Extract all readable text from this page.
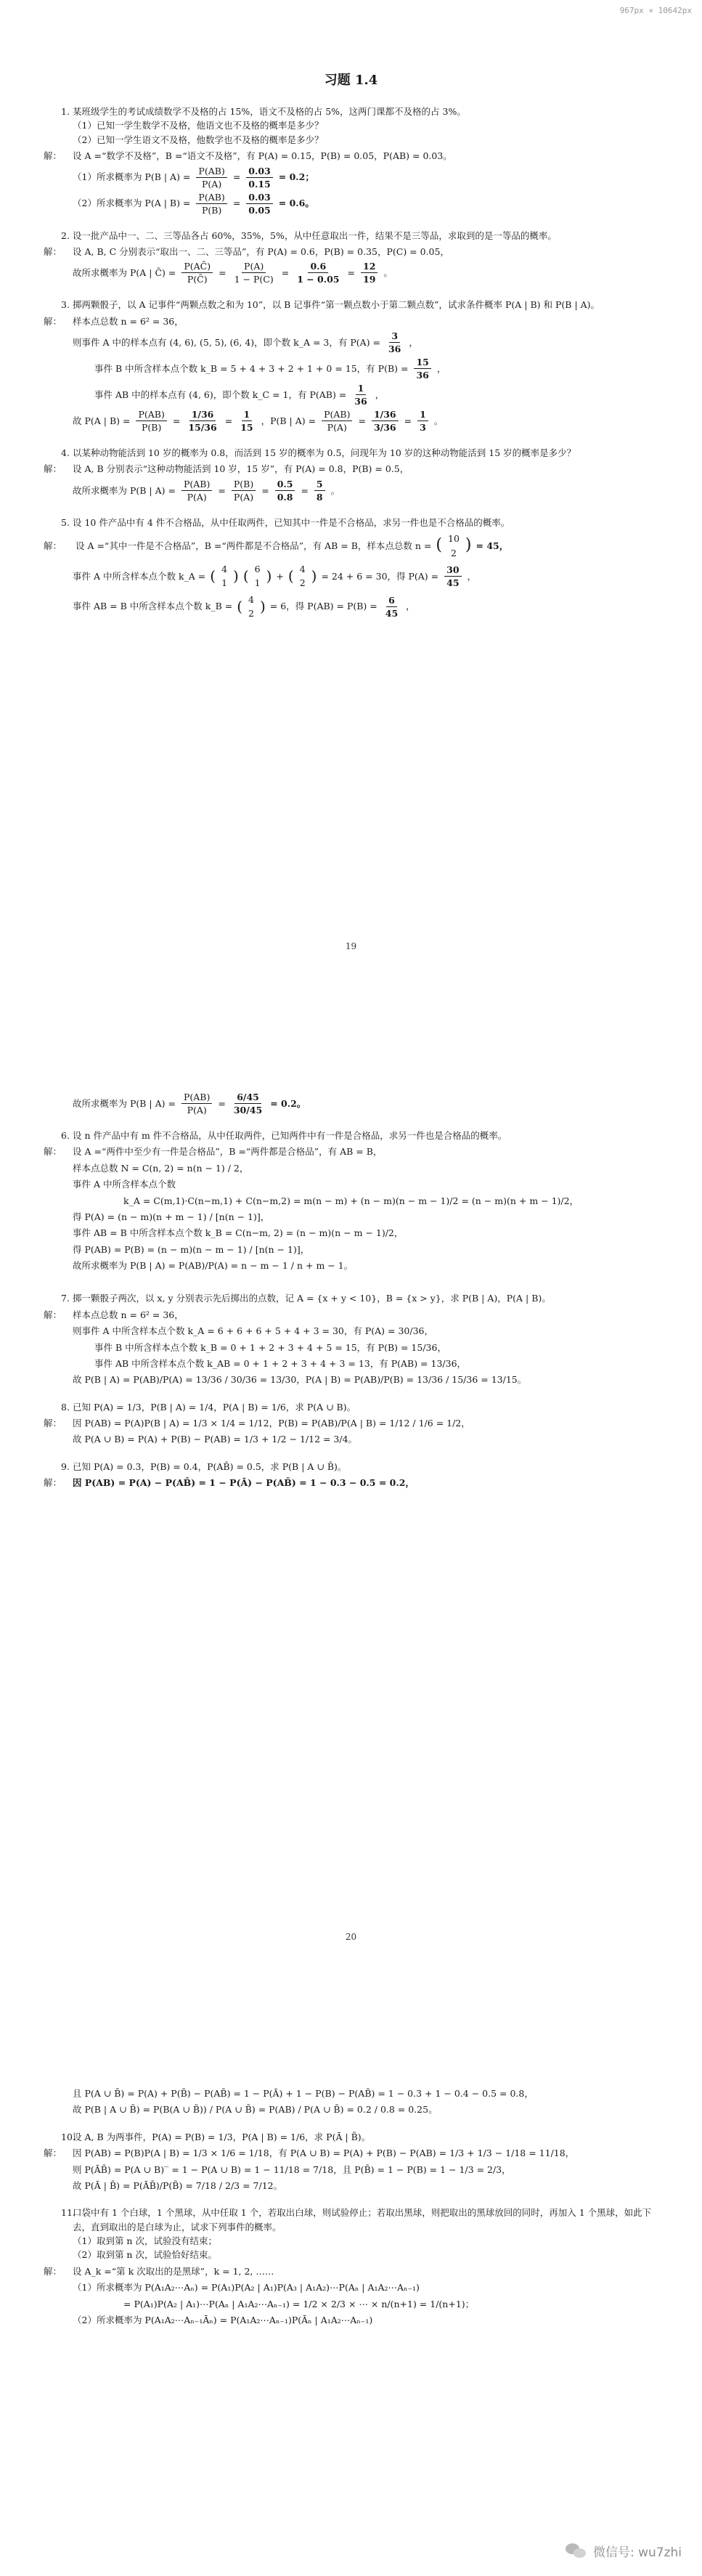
967px × 10642px
习题 1.4
1. 某班级学生的考试成绩数学不及格的占 15%，语文不及格的占 5%，这两门课都不及格的占 3%。
（1）已知一学生数学不及格，他语文也不及格的概率是多少？
（2）已知一学生语文不及格，他数学也不及格的概率是多少？
解： 设 A =“数学不及格”，B =“语文不及格”，有 P(A) = 0.15，P(B) = 0.05，P(AB) = 0.03。
（1）所求概率为 P(B | $A) = \frac{P(AB)}{P(A)} = \frac{0.03}{0.15} = 0.2$；
（2）所求概率为 P(A | $B) = \frac{P(AB)}{P(B)} = \frac{0.03}{0.05} = 0.6$。
2. 设一批产品中一、二、三等品各占 60%，35%，5%，从中任意取出一件，结果不是三等品，求取到的是一等品的概率。
解： 设 A, B, C 分别表示“取出一、二、三等品”，有 P(A) = 0.6，P(B) = 0.35，P(C) = 0.05，
故所求概率为 P(A | C̄) = $\frac{P(AC̄)}{P(C̄)} = \frac{P(A)}{1 - P(C)} = \frac{0.6}{1 - 0.05} = \frac{12}{19}$ 。
3. 掷两颗骰子，以 A 记事件“两颗点数之和为 10”，以 B 记事件“第一颗点数小于第二颗点数”，试求条件概率 P(A | B) 和 P(B | A)。
解： 样本点总数 n = 6² = 36，
则事件 A 中的样本点有 (4, 6), (5, 5), (6, 4)，即个数 k_A = 3，有 $P(A) = \frac{3}{36}$ ，
事件 B 中所含样本点个数 k_B = 5 + 4 + 3 + 2 + 1 + 0 = 15，有 $P(B) = \frac{15}{36}$ ，
事件 AB 中的样本点有 (4, 6)，即个数 k_C = 1，有 $P(AB) = \frac{1}{36}$ ，
故 P(A | $B) = \frac{P(AB)}{P(B)} = \frac{1/36}{15/36} = \frac{1}{15}$ ，P(B | $A) = \frac{P(AB)}{P(A)} = \frac{1/36}{3/36} = \frac{1}{3}$ 。
4. 以某种动物能活到 10 岁的概率为 0.8，而活到 15 岁的概率为 0.5，问现年为 10 岁的这种动物能活到 15 岁的概率是多少？
解： 设 A, B 分别表示“这种动物能活到 10 岁，15 岁”，有 P(A) = 0.8，P(B) = 0.5，
故所求概率为 P(B | $A) = \frac{P(AB)}{P(A)} = \frac{P(B)}{P(A)} = \frac{0.5}{0.8} = \frac{5}{8}$ 。
5. 设 10 件产品中有 4 件不合格品，从中任取两件，已知其中一件是不合格品，求另一件也是不合格品的概率。
解： 设 A =“其中一件是不合格品”，B =“两件都是不合格品”，有 AB = B，样本点总数 n = ( 10
2 ) = 45，
事件 A 中所含样本点个数 k_A = ( 4
1 ) ( 6
1 ) + ( 4
2 ) = 24 + 6 = 30，得 $P(A) = \frac{30}{45}$ ，
事件 AB = B 中所含样本点个数 k_B = ( 4
2 ) = 6，得 $P(AB) = P(B) = \frac{6}{45}$ ，
19
故所求概率为 P(B | $A) = \frac{P(AB)}{P(A)} = \frac{6/45}{30/45} = 0.2$。
6. 设 n 件产品中有 m 件不合格品，从中任取两件，已知两件中有一件是合格品，求另一件也是合格品的概率。
解： 设 A =“两件中至少有一件是合格品”，B =“两件都是合格品”，有 AB = B，
样本点总数 N = C(n, 2) = n(n − 1) / 2，
事件 A 中所含样本点个数
k_A = C(m,1)·C(n−m,1) + C(n−m,2) = m(n − m) + (n − m)(n − m − 1)/2 = (n − m)(n + m − 1)/2，
得 P(A) = (n − m)(n + m − 1) / [n(n − 1)]，
事件 AB = B 中所含样本点个数 k_B = C(n−m, 2) = (n − m)(n − m − 1)/2，
得 P(AB) = P(B) = (n − m)(n − m − 1) / [n(n − 1)]，
故所求概率为 P(B | A) = P(AB)/P(A) = n − m − 1 / n + m − 1。
7. 掷一颗骰子两次，以 x, y 分别表示先后掷出的点数，记 A = {x + y < 10}，B = {x > y}，求 P(B | A)，P(A | B)。
解： 样本点总数 n = 6² = 36，
则事件 A 中所含样本点个数 k_A = 6 + 6 + 6 + 5 + 4 + 3 = 30，有 P(A) = 30/36，
事件 B 中所含样本点个数 k_B = 0 + 1 + 2 + 3 + 4 + 5 = 15，有 P(B) = 15/36，
事件 AB 中所含样本点个数 k_AB = 0 + 1 + 2 + 3 + 4 + 3 = 13，有 P(AB) = 13/36，
故 P(B | A) = P(AB)/P(A) = 13/36 / 30/36 = 13/30，P(A | B) = P(AB)/P(B) = 13/36 / 15/36 = 13/15。
8. 已知 P(A) = 1/3，P(B | A) = 1/4，P(A | B) = 1/6，求 P(A ∪ B)。
解： 因 P(AB) = P(A)P(B | A) = 1/3 × 1/4 = 1/12，P(B) = P(AB)/P(A | B) = 1/12 / 1/6 = 1/2，
故 P(A ∪ B) = P(A) + P(B) − P(AB) = 1/3 + 1/2 − 1/12 = 3/4。
9. 已知 P(A) = 0.3，P(B) = 0.4，P(AB̄) = 0.5，求 P(B | A ∪ B̄)。
解： 因 P(AB) = P(A) − P(AB̄) = 1 − P(Ā) − P(AB̄) = 1 − 0.3 − 0.5 = 0.2，
20
且 P(A ∪ B̄) = P(A) + P(B̄) − P(AB̄) = 1 − P(Ā) + 1 − P(B) − P(AB̄) = 1 − 0.3 + 1 − 0.4 − 0.5 = 0.8，
故 P(B | A ∪ B̄) = P(B(A ∪ B̄)) / P(A ∪ B̄) = P(AB) / P(A ∪ B̄) = 0.2 / 0.8 = 0.25。
10.
设 A, B 为两事件，P(A) = P(B) = 1/3，P(A | B) = 1/6，求 P(Ā | B̄)。
解： 因 P(AB) = P(B)P(A | B) = 1/3 × 1/6 = 1/18，有 P(A ∪ B) = P(A) + P(B) − P(AB) = 1/3 + 1/3 − 1/18 = 11/18，
则 P(ĀB̄) = P(A ∪ B)‾ = 1 − P(A ∪ B) = 1 − 11/18 = 7/18，且 P(B̄) = 1 − P(B) = 1 − 1/3 = 2/3，
故 P(Ā | B̄) = P(ĀB̄)/P(B̄) = 7/18 / 2/3 = 7/12。
11.
口袋中有 1 个白球，1 个黑球，从中任取 1 个，若取出白球，则试验停止；若取出黑球，则把取出的黑球放回的同时，再加入 1 个黑球，如此下去，直到取出的是白球为止，试求下列事件的概率。
（1）取到第 n 次，试验没有结束；
（2）取到第 n 次，试验恰好结束。
解： 设 A_k =“第 k 次取出的是黑球”，k = 1, 2, ……
（1）所求概率为 P(A₁A₂⋯Aₙ) = P(A₁)P(A₂ | A₁)P(A₃ | A₁A₂)⋯P(Aₙ | A₁A₂⋯Aₙ₋₁)
= P(A₁)P(A₂ | A₁)⋯P(Aₙ | A₁A₂⋯Aₙ₋₁) = 1/2 × 2/3 × ⋯ × n/(n+1) = 1/(n+1)；
（2）所求概率为 P(A₁A₂⋯Aₙ₋₁Āₙ) = P(A₁A₂⋯Aₙ₋₁)P(Āₙ | A₁A₂⋯Aₙ₋₁)
微信号: wu7zhi
